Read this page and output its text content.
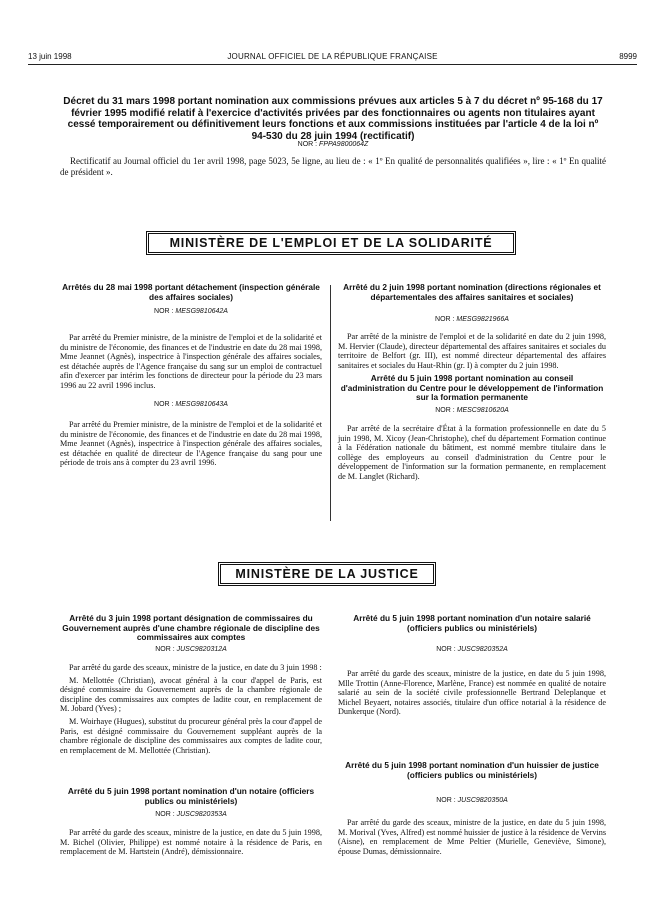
13 juin 1998	JOURNAL OFFICIEL DE LA RÉPUBLIQUE FRANÇAISE	8999
Décret du 31 mars 1998 portant nomination aux commissions prévues aux articles 5 à 7 du décret nº 95-168 du 17 février 1995 modifié relatif à l'exercice d'activités privées par des fonctionnaires ou agents non titulaires ayant cessé temporairement ou définitivement leurs fonctions et aux commissions instituées par l'article 4 de la loi nº 94-530 du 28 juin 1994 (rectificatif)
NOR : FPPA9800064Z
Rectificatif au Journal officiel du 1er avril 1998, page 5023, 5e ligne, au lieu de : « 1º En qualité de personnalités qualifiées », lire : « 1º En qualité de président ».
MINISTÈRE DE L'EMPLOI ET DE LA SOLIDARITÉ
Arrêtés du 28 mai 1998 portant détachement (inspection générale des affaires sociales)
NOR : MESG9810642A

Par arrêté du Premier ministre, de la ministre de l'emploi et de la solidarité et du ministre de l'économie, des finances et de l'industrie en date du 28 mai 1998, Mme Jeannet (Agnès), inspectrice à l'inspection générale des affaires sociales, est détachée auprès de l'Agence française du sang sur un emploi de contractuel afin d'exercer par intérim les fonctions de directeur pour la période du 23 mars 1996 au 22 avril 1996 inclus.

NOR : MESG9810643A

Par arrêté du Premier ministre, de la ministre de l'emploi et de la solidarité et du ministre de l'économie, des finances et de l'industrie en date du 28 mai 1998, Mme Jeannet (Agnès), inspectrice à l'inspection générale des affaires sociales, est détachée en qualité de directeur de l'Agence française du sang pour une période de trois ans à compter du 23 avril 1996.

Arrêté du 2 juin 1998 portant nomination (directions régionales et départementales des affaires sanitaires et sociales)
NOR : MESG9821966A

Par arrêté de la ministre de l'emploi et de la solidarité en date du 2 juin 1998, M. Hervier (Claude), directeur départemental des affaires sanitaires et sociales du territoire de Belfort (gr. III), est nommé directeur départemental des affaires sanitaires et sociales du Haut-Rhin (gr. I) à compter du 2 juin 1998.

Arrêté du 5 juin 1998 portant nomination au conseil d'administration du Centre pour le développement de l'information sur la formation permanente
NOR : MESC9810620A

Par arrêté de la secrétaire d'État à la formation professionnelle en date du 5 juin 1998, M. Xicoy (Jean-Christophe), chef du département Formation continue à la Fédération nationale du bâtiment, est nommé membre titulaire dans le collège des employeurs au conseil d'administration du Centre pour le développement de l'information sur la formation permanente, en remplacement de M. Langlet (Richard).

MINISTÈRE DE LA JUSTICE
Arrêté du 3 juin 1998 portant désignation de commissaires du Gouvernement auprès d'une chambre régionale de discipline des commissaires aux comptes
NOR : JUSC9820312A

Par arrêté du garde des sceaux, ministre de la justice, en date du 3 juin 1998 :

M. Mellottée (Christian), avocat général à la cour d'appel de Paris, est désigné commissaire du Gouvernement auprès de la chambre régionale de discipline des commissaires aux comptes de ladite cour, en remplacement de M. Jobard (Yves) ;

M. Woirhaye (Hugues), substitut du procureur général près la cour d'appel de Paris, est désigné commissaire du Gouvernement suppléant auprès de la chambre régionale de discipline des commissaires aux comptes de ladite cour, en remplacement de M. Mellottée (Christian).

Arrêté du 5 juin 1998 portant nomination d'un notaire (officiers publics ou ministériels)
NOR : JUSC9820353A

Par arrêté du garde des sceaux, ministre de la justice, en date du 5 juin 1998, M. Bichel (Olivier, Philippe) est nommé notaire à la résidence de Paris, en remplacement de M. Hartstein (André), démissionnaire.

Arrêté du 5 juin 1998 portant nomination d'un notaire salarié (officiers publics ou ministériels)
NOR : JUSC9820352A

Par arrêté du garde des sceaux, ministre de la justice, en date du 5 juin 1998, Mlle Trottin (Anne-Florence, Marlène, France) est nommée en qualité de notaire salarié au sein de la société civile professionnelle Bertrand Deleplanque et Michel Beyaert, notaires associés, titulaire d'un office notarial à la résidence de Dunkerque (Nord).

Arrêté du 5 juin 1998 portant nomination d'un huissier de justice (officiers publics ou ministériels)
NOR : JUSC9820350A

Par arrêté du garde des sceaux, ministre de la justice, en date du 5 juin 1998, M. Morival (Yves, Alfred) est nommé huissier de justice à la résidence de Vervins (Aisne), en remplacement de Mme Peltier (Murielle, Geneviève, Simone), épouse Dumas, démissionnaire.
